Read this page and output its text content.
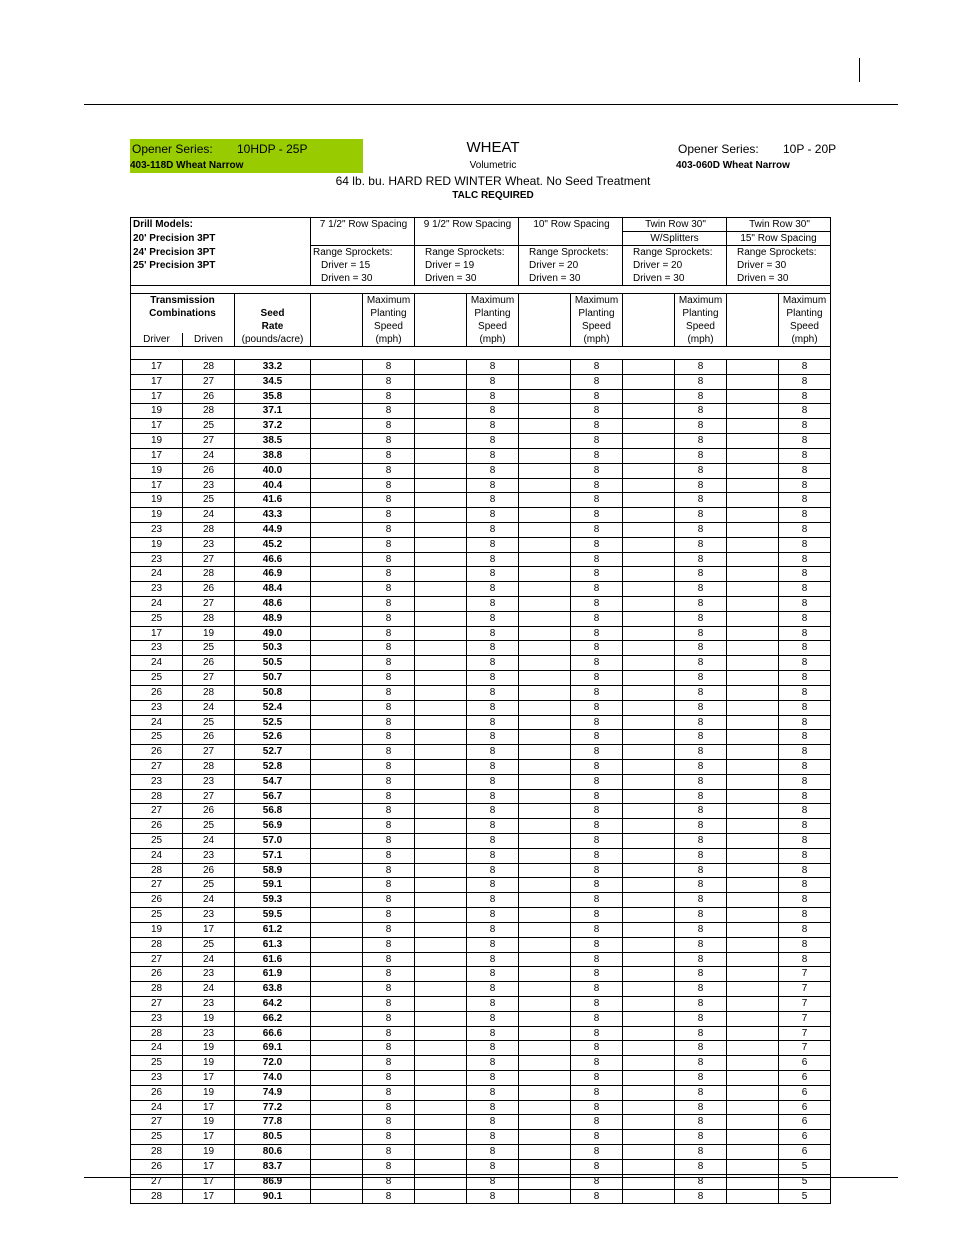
Opener Series: 10HDP - 25P
403-118D Wheat Narrow
WHEAT
Volumetric
Opener Series: 10P - 20P
403-060D Wheat Narrow
64 lb. bu. HARD RED WINTER Wheat. No Seed Treatment
TALC REQUIRED
Drill Models:			7 1/2" Row Spacing		9 1/2" Row Spacing		10" Row Spacing		Twin Row 30"		Twin Row 30"	
20' Precision 3PT									W/Splitters		15" Row Spacing	
24' Precision 3PT			Range Sprockets:		Range Sprockets:		Range Sprockets:		Range Sprockets:		Range Sprockets:	
25' Precision 3PT			Driver = 15		Driver = 19		Driver = 20		Driver = 20		Driver = 30	
			Driven = 30		Driven = 30		Driven = 30		Driven = 30		Driven = 30	

Transmission				Maximum		Maximum		Maximum		Maximum		Maximum
Combinations		Seed		Planting		Planting		Planting		Planting		Planting
		Rate		Speed		Speed		Speed		Speed		Speed
Driver	Driven	(pounds/acre)		(mph)		(mph)		(mph)		(mph)		(mph)

17	28	33.2		8		8		8		8		8
17	27	34.5		8		8		8		8		8
17	26	35.8		8		8		8		8		8
19	28	37.1		8		8		8		8		8
17	25	37.2		8		8		8		8		8
19	27	38.5		8		8		8		8		8
17	24	38.8		8		8		8		8		8
19	26	40.0		8		8		8		8		8
17	23	40.4		8		8		8		8		8
19	25	41.6		8		8		8		8		8
19	24	43.3		8		8		8		8		8
23	28	44.9		8		8		8		8		8
19	23	45.2		8		8		8		8		8
23	27	46.6		8		8		8		8		8
24	28	46.9		8		8		8		8		8
23	26	48.4		8		8		8		8		8
24	27	48.6		8		8		8		8		8
25	28	48.9		8		8		8		8		8
17	19	49.0		8		8		8		8		8
23	25	50.3		8		8		8		8		8
24	26	50.5		8		8		8		8		8
25	27	50.7		8		8		8		8		8
26	28	50.8		8		8		8		8		8
23	24	52.4		8		8		8		8		8
24	25	52.5		8		8		8		8		8
25	26	52.6		8		8		8		8		8
26	27	52.7		8		8		8		8		8
27	28	52.8		8		8		8		8		8
23	23	54.7		8		8		8		8		8
28	27	56.7		8		8		8		8		8
27	26	56.8		8		8		8		8		8
26	25	56.9		8		8		8		8		8
25	24	57.0		8		8		8		8		8
24	23	57.1		8		8		8		8		8
28	26	58.9		8		8		8		8		8
27	25	59.1		8		8		8		8		8
26	24	59.3		8		8		8		8		8
25	23	59.5		8		8		8		8		8
19	17	61.2		8		8		8		8		8
28	25	61.3		8		8		8		8		8
27	24	61.6		8		8		8		8		8
26	23	61.9		8		8		8		8		7
28	24	63.8		8		8		8		8		7
27	23	64.2		8		8		8		8		7
23	19	66.2		8		8		8		8		7
28	23	66.6		8		8		8		8		7
24	19	69.1		8		8		8		8		7
25	19	72.0		8		8		8		8		6
23	17	74.0		8		8		8		8		6
26	19	74.9		8		8		8		8		6
24	17	77.2		8		8		8		8		6
27	19	77.8		8		8		8		8		6
25	17	80.5		8		8		8		8		6
28	19	80.6		8		8		8		8		6
26	17	83.7		8		8		8		8		5
27	17	86.9		8		8		8		8		5
28	17	90.1		8		8		8		8		5
